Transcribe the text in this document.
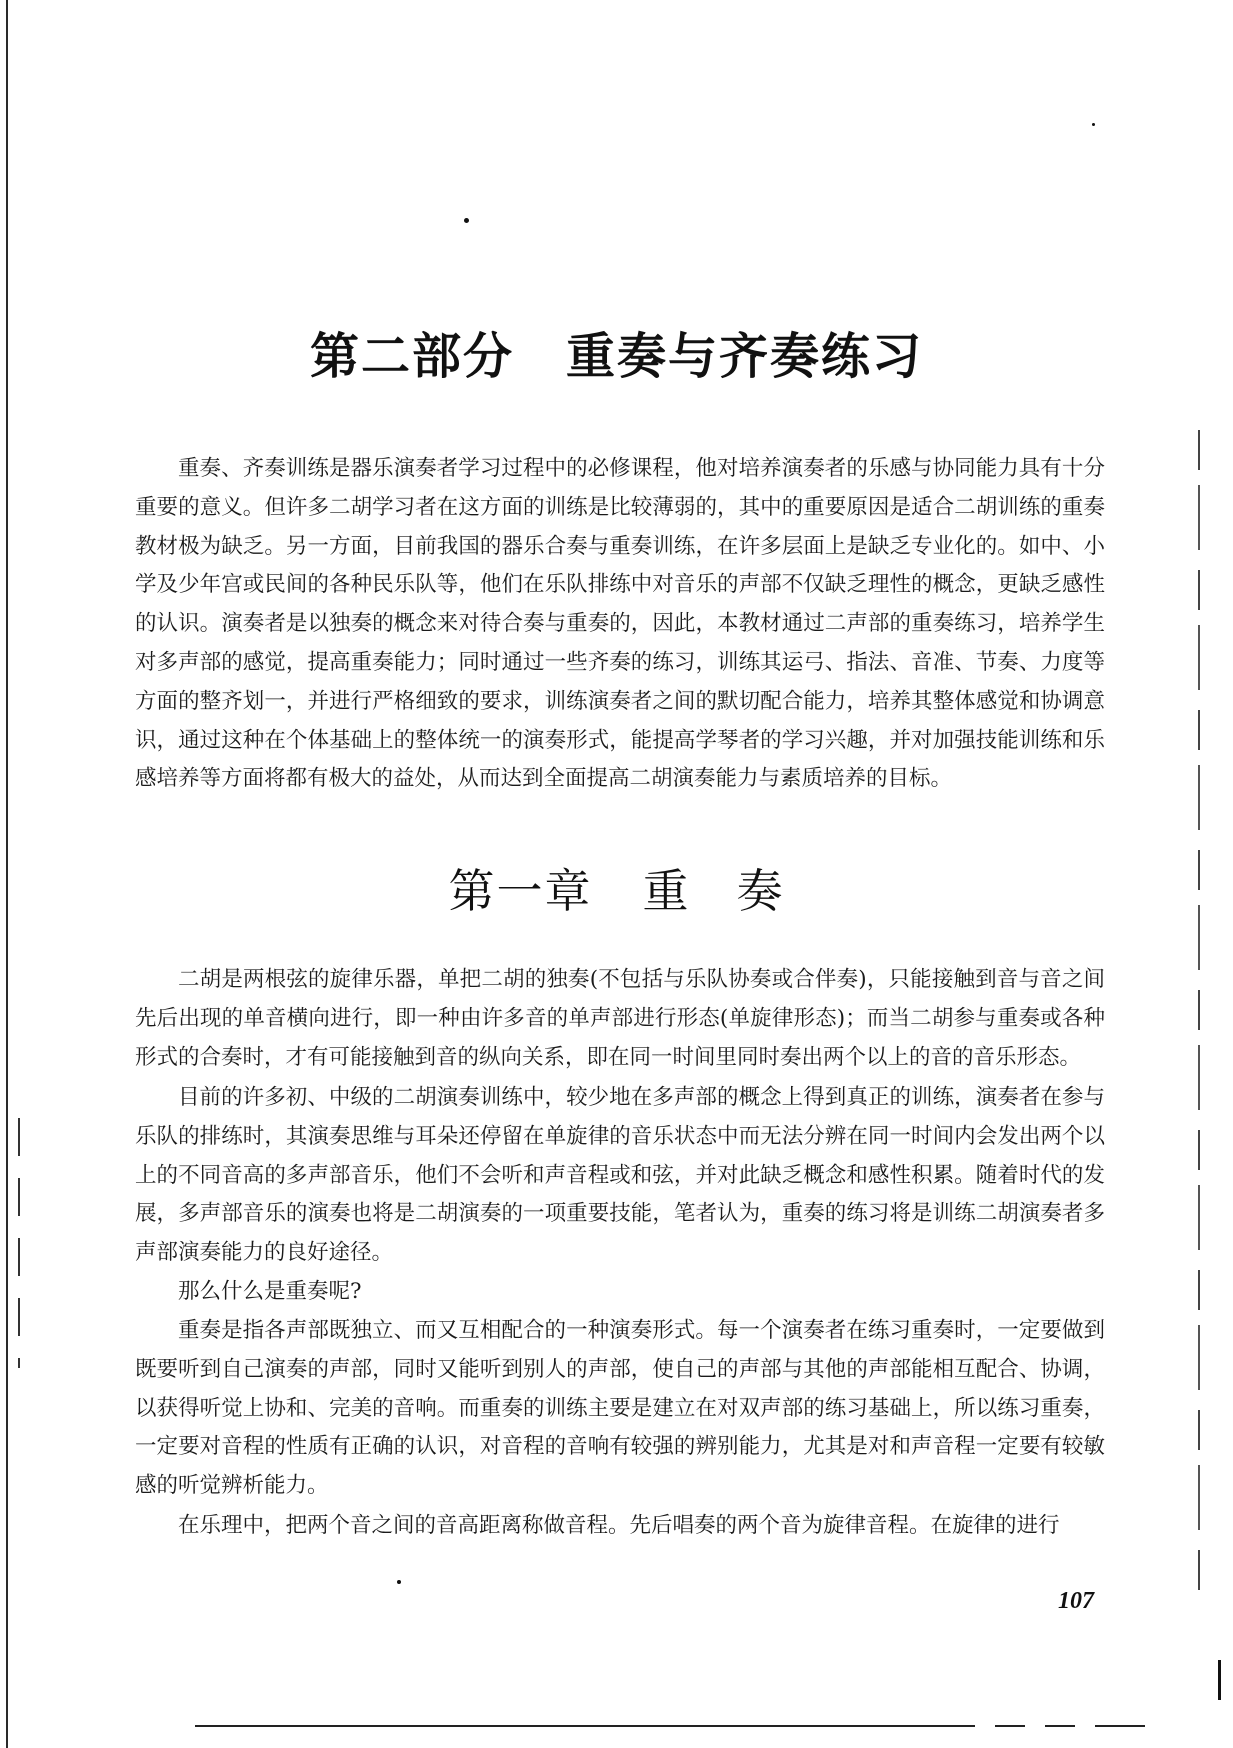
第二部分 重奏与齐奏练习
重奏、齐奏训练是器乐演奏者学习过程中的必修课程，他对培养演奏者的乐感与协同能力具有十分重要的意义。但许多二胡学习者在这方面的训练是比较薄弱的，其中的重要原因是适合二胡训练的重奏教材极为缺乏。另一方面，目前我国的器乐合奏与重奏训练，在许多层面上是缺乏专业化的。如中、小学及少年宫或民间的各种民乐队等，他们在乐队排练中对音乐的声部不仅缺乏理性的概念，更缺乏感性的认识。演奏者是以独奏的概念来对待合奏与重奏的，因此，本教材通过二声部的重奏练习，培养学生对多声部的感觉，提高重奏能力；同时通过一些齐奏的练习，训练其运弓、指法、音准、节奏、力度等方面的整齐划一，并进行严格细致的要求，训练演奏者之间的默切配合能力，培养其整体感觉和协调意识，通过这种在个体基础上的整体统一的演奏形式，能提高学琴者的学习兴趣，并对加强技能训练和乐感培养等方面将都有极大的益处，从而达到全面提高二胡演奏能力与素质培养的目标。
第一章 重 奏
二胡是两根弦的旋律乐器，单把二胡的独奏(不包括与乐队协奏或合伴奏)，只能接触到音与音之间先后出现的单音横向进行，即一种由许多音的单声部进行形态(单旋律形态)；而当二胡参与重奏或各种形式的合奏时，才有可能接触到音的纵向关系，即在同一时间里同时奏出两个以上的音的音乐形态。
目前的许多初、中级的二胡演奏训练中，较少地在多声部的概念上得到真正的训练，演奏者在参与乐队的排练时，其演奏思维与耳朵还停留在单旋律的音乐状态中而无法分辨在同一时间内会发出两个以上的不同音高的多声部音乐，他们不会听和声音程或和弦，并对此缺乏概念和感性积累。随着时代的发展，多声部音乐的演奏也将是二胡演奏的一项重要技能，笔者认为，重奏的练习将是训练二胡演奏者多声部演奏能力的良好途径。
那么什么是重奏呢?
重奏是指各声部既独立、而又互相配合的一种演奏形式。每一个演奏者在练习重奏时，一定要做到既要听到自己演奏的声部，同时又能听到别人的声部，使自己的声部与其他的声部能相互配合、协调，以获得听觉上协和、完美的音响。而重奏的训练主要是建立在对双声部的练习基础上，所以练习重奏，一定要对音程的性质有正确的认识，对音程的音响有较强的辨别能力，尤其是对和声音程一定要有较敏感的听觉辨析能力。
在乐理中，把两个音之间的音高距离称做音程。先后唱奏的两个音为旋律音程。在旋律的进行
107
